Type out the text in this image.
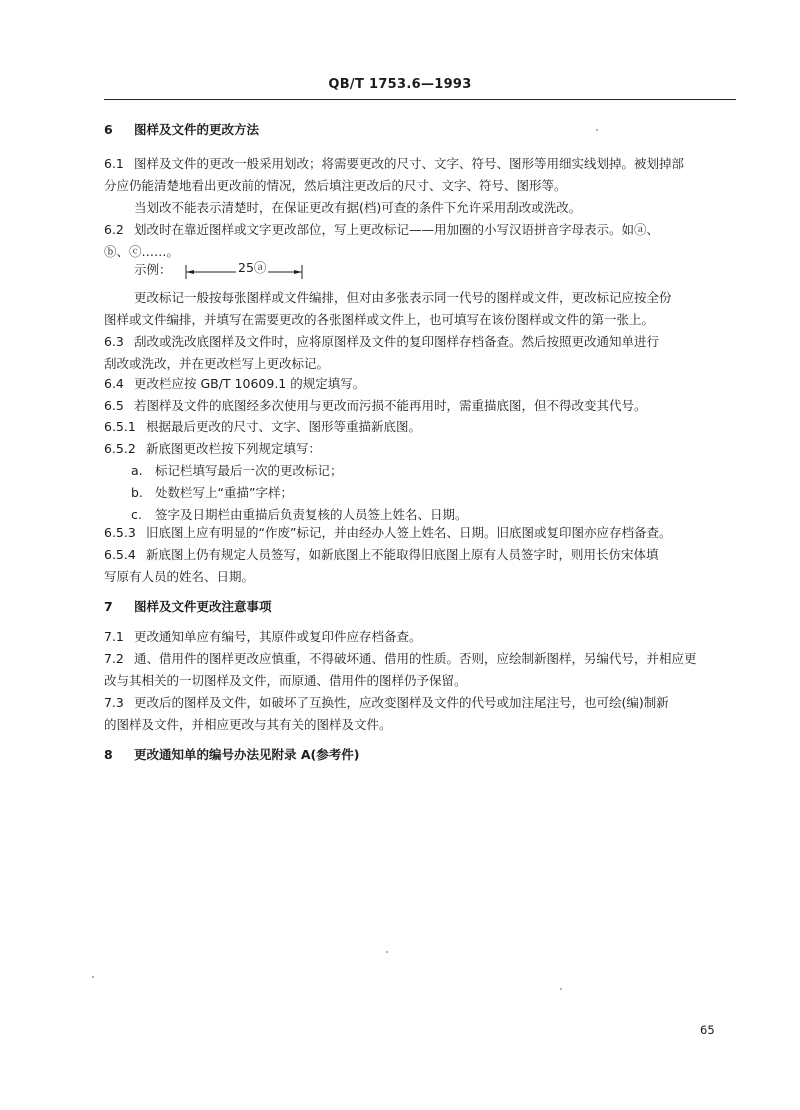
QB/T 1753.6—1993
6 图样及文件的更改方法
6.1 图样及文件的更改一般采用划改；将需要更改的尺寸、文字、符号、图形等用细实线划掉。被划掉部
分应仍能清楚地看出更改前的情况，然后填注更改后的尺寸、文字、符号、图形等。
当划改不能表示清楚时，在保证更改有据(档)可查的条件下允许采用刮改或洗改。
6.2 划改时在靠近图样或文字更改部位，写上更改标记——用加圈的小写汉语拼音字母表示。如ⓐ、
ⓑ、ⓒ……。
示例：	25ⓐ
更改标记一般按每张图样或文件编排，但对由多张表示同一代号的图样或文件，更改标记应按全份
图样或文件编排，并填写在需要更改的各张图样或文件上，也可填写在该份图样或文件的第一张上。
6.3 刮改或洗改底图样及文件时，应将原图样及文件的复印图样存档备查。然后按照更改通知单进行
刮改或洗改，并在更改栏写上更改标记。
6.4 更改栏应按 GB/T 10609.1 的规定填写。
6.5 若图样及文件的底图经多次使用与更改而污损不能再用时，需重描底图，但不得改变其代号。
6.5.1 根据最后更改的尺寸、文字、图形等重描新底图。
6.5.2 新底图更改栏按下列规定填写：
a. 标记栏填写最后一次的更改标记；
b. 处数栏写上“重描”字样；
c. 签字及日期栏由重描后负责复核的人员签上姓名、日期。
6.5.3 旧底图上应有明显的“作废”标记，并由经办人签上姓名、日期。旧底图或复印图亦应存档备查。
6.5.4 新底图上仍有规定人员签写，如新底图上不能取得旧底图上原有人员签字时，则用长仿宋体填
写原有人员的姓名、日期。
7 图样及文件更改注意事项
7.1 更改通知单应有编号，其原件或复印件应存档备查。
7.2 通、借用件的图样更改应慎重，不得破坏通、借用的性质。否则，应绘制新图样，另编代号，并相应更
改与其相关的一切图样及文件，而原通、借用件的图样仍予保留。
7.3 更改后的图样及文件，如破坏了互换性，应改变图样及文件的代号或加注尾注号，也可绘(编)制新
的图样及文件，并相应更改与其有关的图样及文件。
8 更改通知单的编号办法见附录 A(参考件)
65
